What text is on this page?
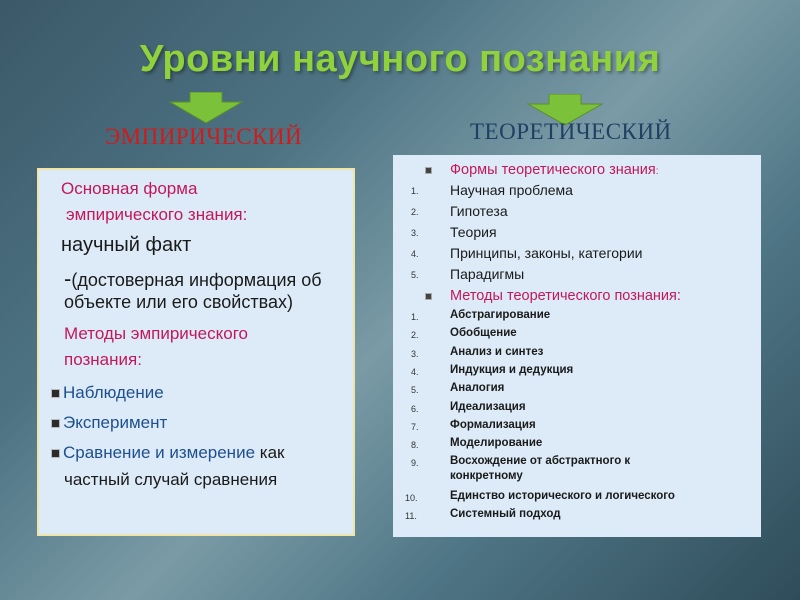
Уровни научного познания
ЭМПИРИЧЕСКИЙ	ТЕОРЕТИЧЕСКИЙ
Основная форма
эмпирического знания:
научный факт
-(достоверная информация об
объекте или его свойствах)
Методы эмпирического
познания:
Наблюдение
Эксперимент
Сравнение и измерение как
частный случай сравнения
Формы теоретического знания:
1.	Научная проблема
2.	Гипотеза
3.	Теория
4.	Принципы, законы, категории
5.	Парадигмы
Методы теоретического познания:
1.	Абстрагирование
2.	Обобщение
3.	Анализ и синтез
4.	Индукция и дедукция
5.	Аналогия
6.	Идеализация
7.	Формализация
8.	Моделирование
9.	Восхождение от абстрактного к
конкретному
10.	Единство исторического и логического
11.	Системный подход
